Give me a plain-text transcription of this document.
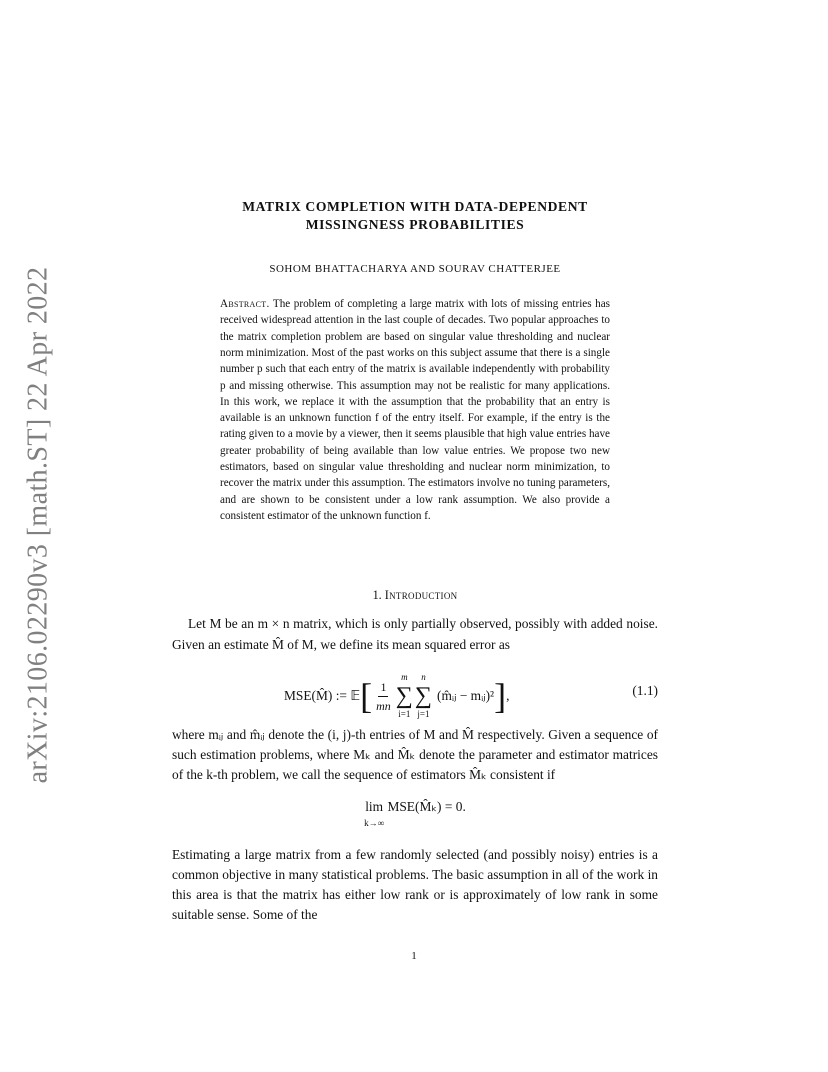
arXiv:2106.02290v3 [math.ST] 22 Apr 2022
MATRIX COMPLETION WITH DATA-DEPENDENT
MISSINGNESS PROBABILITIES
SOHOM BHATTACHARYA AND SOURAV CHATTERJEE
Abstract. The problem of completing a large matrix with lots of missing entries has received widespread attention in the last couple of decades. Two popular approaches to the matrix completion problem are based on singular value thresholding and nuclear norm minimization. Most of the past works on this subject assume that there is a single number p such that each entry of the matrix is available independently with probability p and missing otherwise. This assumption may not be realistic for many applications. In this work, we replace it with the assumption that the probability that an entry is available is an unknown function f of the entry itself. For example, if the entry is the rating given to a movie by a viewer, then it seems plausible that high value entries have greater probability of being available than low value entries. We propose two new estimators, based on singular value thresholding and nuclear norm minimization, to recover the matrix under this assumption. The estimators involve no tuning parameters, and are shown to be consistent under a low rank assumption. We also provide a consistent estimator of the unknown function f.
1. Introduction

Let M be an m × n matrix, which is only partially observed, possibly with added noise. Given an estimate M̂ of M, we define its mean squared error as

MSE(M̂) := 𝔼 [ $\frac{1}{mn}$
m
∑
i=1
n
∑
j=1
(m̂ᵢⱼ − mᵢⱼ)² ] ,	(1.1)

where mᵢⱼ and m̂ᵢⱼ denote the (i, j)-th entries of M and M̂ respectively. Given a sequence of such estimation problems, where Mₖ and M̂ₖ denote the parameter and estimator matrices of the k-th problem, we call the sequence of estimators M̂ₖ consistent if

lim
k→∞
MSE(M̂ₖ) = 0.

Estimating a large matrix from a few randomly selected (and possibly noisy) entries is a common objective in many statistical problems. The basic assumption in all of the work in this area is that the matrix has either low rank or is approximately of low rank in some suitable sense. Some of the

1
